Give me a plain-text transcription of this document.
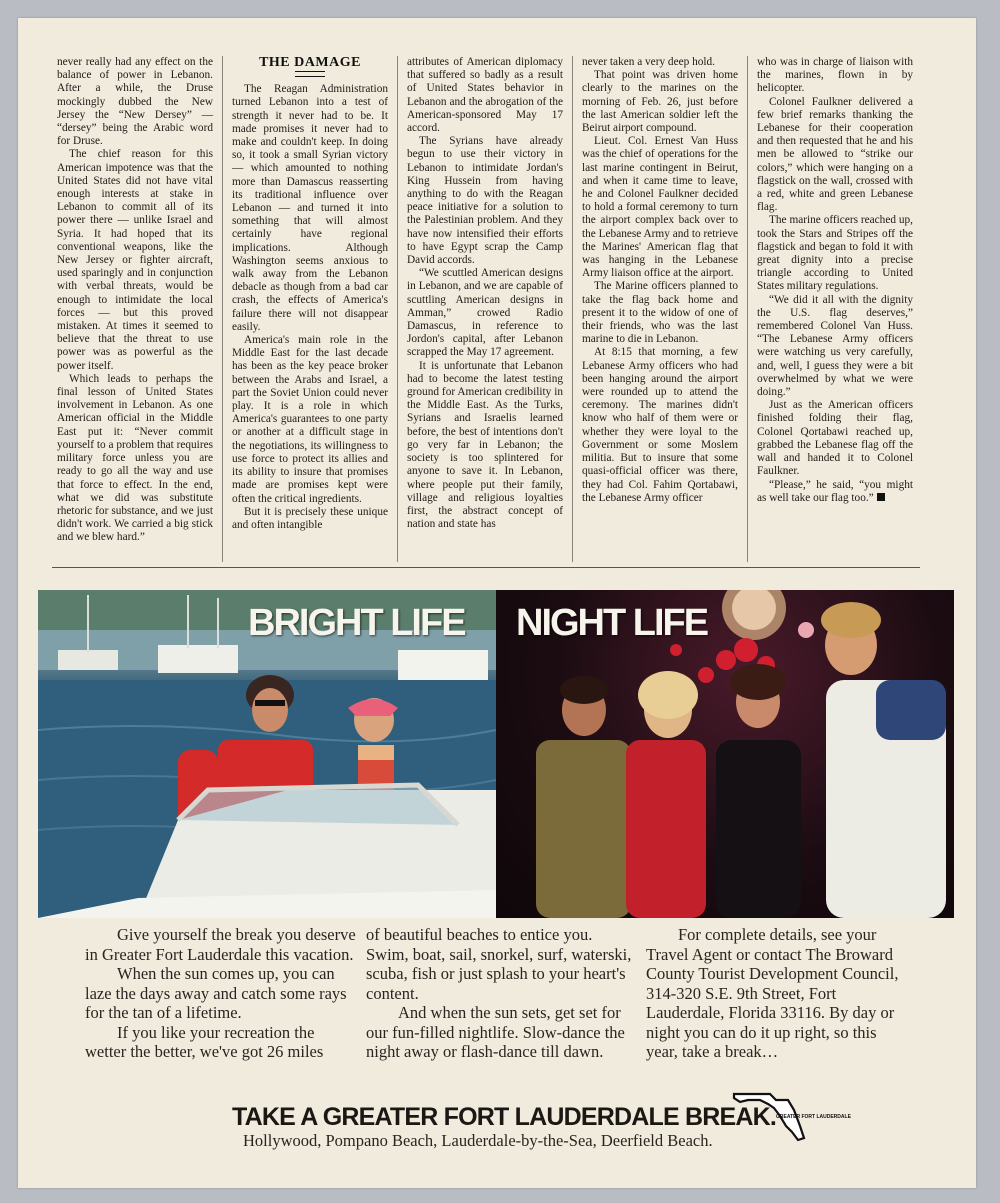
never really had any effect on the balance of power in Lebanon. After a while, the Druse mockingly dubbed the New Jersey the “New Dersey” — “dersey” being the Arabic word for Druse.

The chief reason for this American impotence was that the United States did not have vital enough interests at stake in Lebanon to commit all of its power there — unlike Israel and Syria. It had hoped that its conventional weapons, like the New Jersey or fighter aircraft, used sparingly and in conjunction with verbal threats, would be enough to intimidate the local forces — but this proved mistaken. At times it seemed to believe that the threat to use power was as powerful as the power itself.

Which leads to perhaps the final lesson of United States involvement in Lebanon. As one American official in the Middle East put it: “Never commit yourself to a problem that requires military force unless you are ready to go all the way and use that force to effect. In the end, what we did was substitute rhetoric for substance, and we just didn't work. We carried a big stick and we blew hard.”

THE DAMAGE

The Reagan Administration turned Lebanon into a test of strength it never had to be. It made promises it never had to make and couldn't keep. In doing so, it took a small Syrian victory — which amounted to nothing more than Damascus reasserting its traditional influence over Lebanon — and turned it into something that will almost certainly have regional implications. Although Washington seems anxious to walk away from the Lebanon debacle as though from a bad car crash, the effects of America's failure there will not disappear easily.

America's main role in the Middle East for the last decade has been as the key peace broker between the Arabs and Israel, a part the Soviet Union could never play. It is a role in which America's guarantees to one party or another at a difficult stage in the negotiations, its willingness to use force to protect its allies and its ability to insure that promises made are promises kept were often the critical ingredients.

But it is precisely these unique and often intangible

attributes of American diplomacy that suffered so badly as a result of United States behavior in Lebanon and the abrogation of the American-sponsored May 17 accord.

The Syrians have already begun to use their victory in Lebanon to intimidate Jordan's King Hussein from having anything to do with the Reagan peace initiative for a solution to the Palestinian problem. And they have now intensified their efforts to have Egypt scrap the Camp David accords.

“We scuttled American designs in Lebanon, and we are capable of scuttling American designs in Amman,” crowed Radio Damascus, in reference to Jordon's capital, after Lebanon scrapped the May 17 agreement.

It is unfortunate that Lebanon had to become the latest testing ground for American credibility in the Middle East. As the Turks, Syrians and Israelis learned before, the best of intentions don't go very far in Lebanon; the society is too splintered for anyone to save it. In Lebanon, where people put their family, village and religious loyalties first, the abstract concept of nation and state has

never taken a very deep hold.

That point was driven home clearly to the marines on the morning of Feb. 26, just before the last American soldier left the Beirut airport compound.

Lieut. Col. Ernest Van Huss was the chief of operations for the last marine contingent in Beirut, and when it came time to leave, he and Colonel Faulkner decided to hold a formal ceremony to turn the airport complex back over to the Lebanese Army and to retrieve the Marines' American flag that was hanging in the Lebanese Army liaison office at the airport.

The Marine officers planned to take the flag back home and present it to the widow of one of their friends, who was the last marine to die in Lebanon.

At 8:15 that morning, a few Lebanese Army officers who had been hanging around the airport were rounded up to attend the ceremony. The marines didn't know who half of them were or whether they were loyal to the Government or some Moslem militia. But to insure that some quasi-official officer was there, they had Col. Fahim Qortabawi, the Lebanese Army officer

who was in charge of liaison with the marines, flown in by helicopter.

Colonel Faulkner delivered a few brief remarks thanking the Lebanese for their cooperation and then requested that he and his men be allowed to “strike our colors,” which were hanging on a flagstick on the wall, crossed with a red, white and green Lebanese flag.

The marine officers reached up, took the Stars and Stripes off the flagstick and began to fold it with great dignity into a precise triangle according to United States military regulations.

“We did it all with the dignity the U.S. flag deserves,” remembered Colonel Van Huss. “The Lebanese Army officers were watching us very carefully, and, well, I guess they were a bit overwhelmed by what we were doing.”

Just as the American officers finished folding their flag, Colonel Qortabawi reached up, grabbed the Lebanese flag off the wall and handed it to Colonel Faulkner.

“Please,” he said, “you might as well take our flag too.”

BRIGHT LIFE NIGHT LIFE

Give yourself the break you deserve in Greater Fort Lauderdale this vacation.

When the sun comes up, you can laze the days away and catch some rays for the tan of a lifetime.

If you like your recreation the wetter the better, we've got 26 miles

of beautiful beaches to entice you. Swim, boat, sail, snorkel, surf, waterski, scuba, fish or just splash to your heart's content.

And when the sun sets, get set for our fun-filled nightlife. Slow-dance the night away or flash-dance till dawn.

For complete details, see your Travel Agent or contact The Broward County Tourist Development Council, 314-320 S.E. 9th Street, Fort Lauderdale, Florida 33116. By day or night you can do it up right, so this year, take a break…

TAKE A GREATER FORT LAUDERDALE BREAK.
Hollywood, Pompano Beach, Lauderdale-by-the-Sea, Deerfield Beach.
GREATER FORT LAUDERDALE
